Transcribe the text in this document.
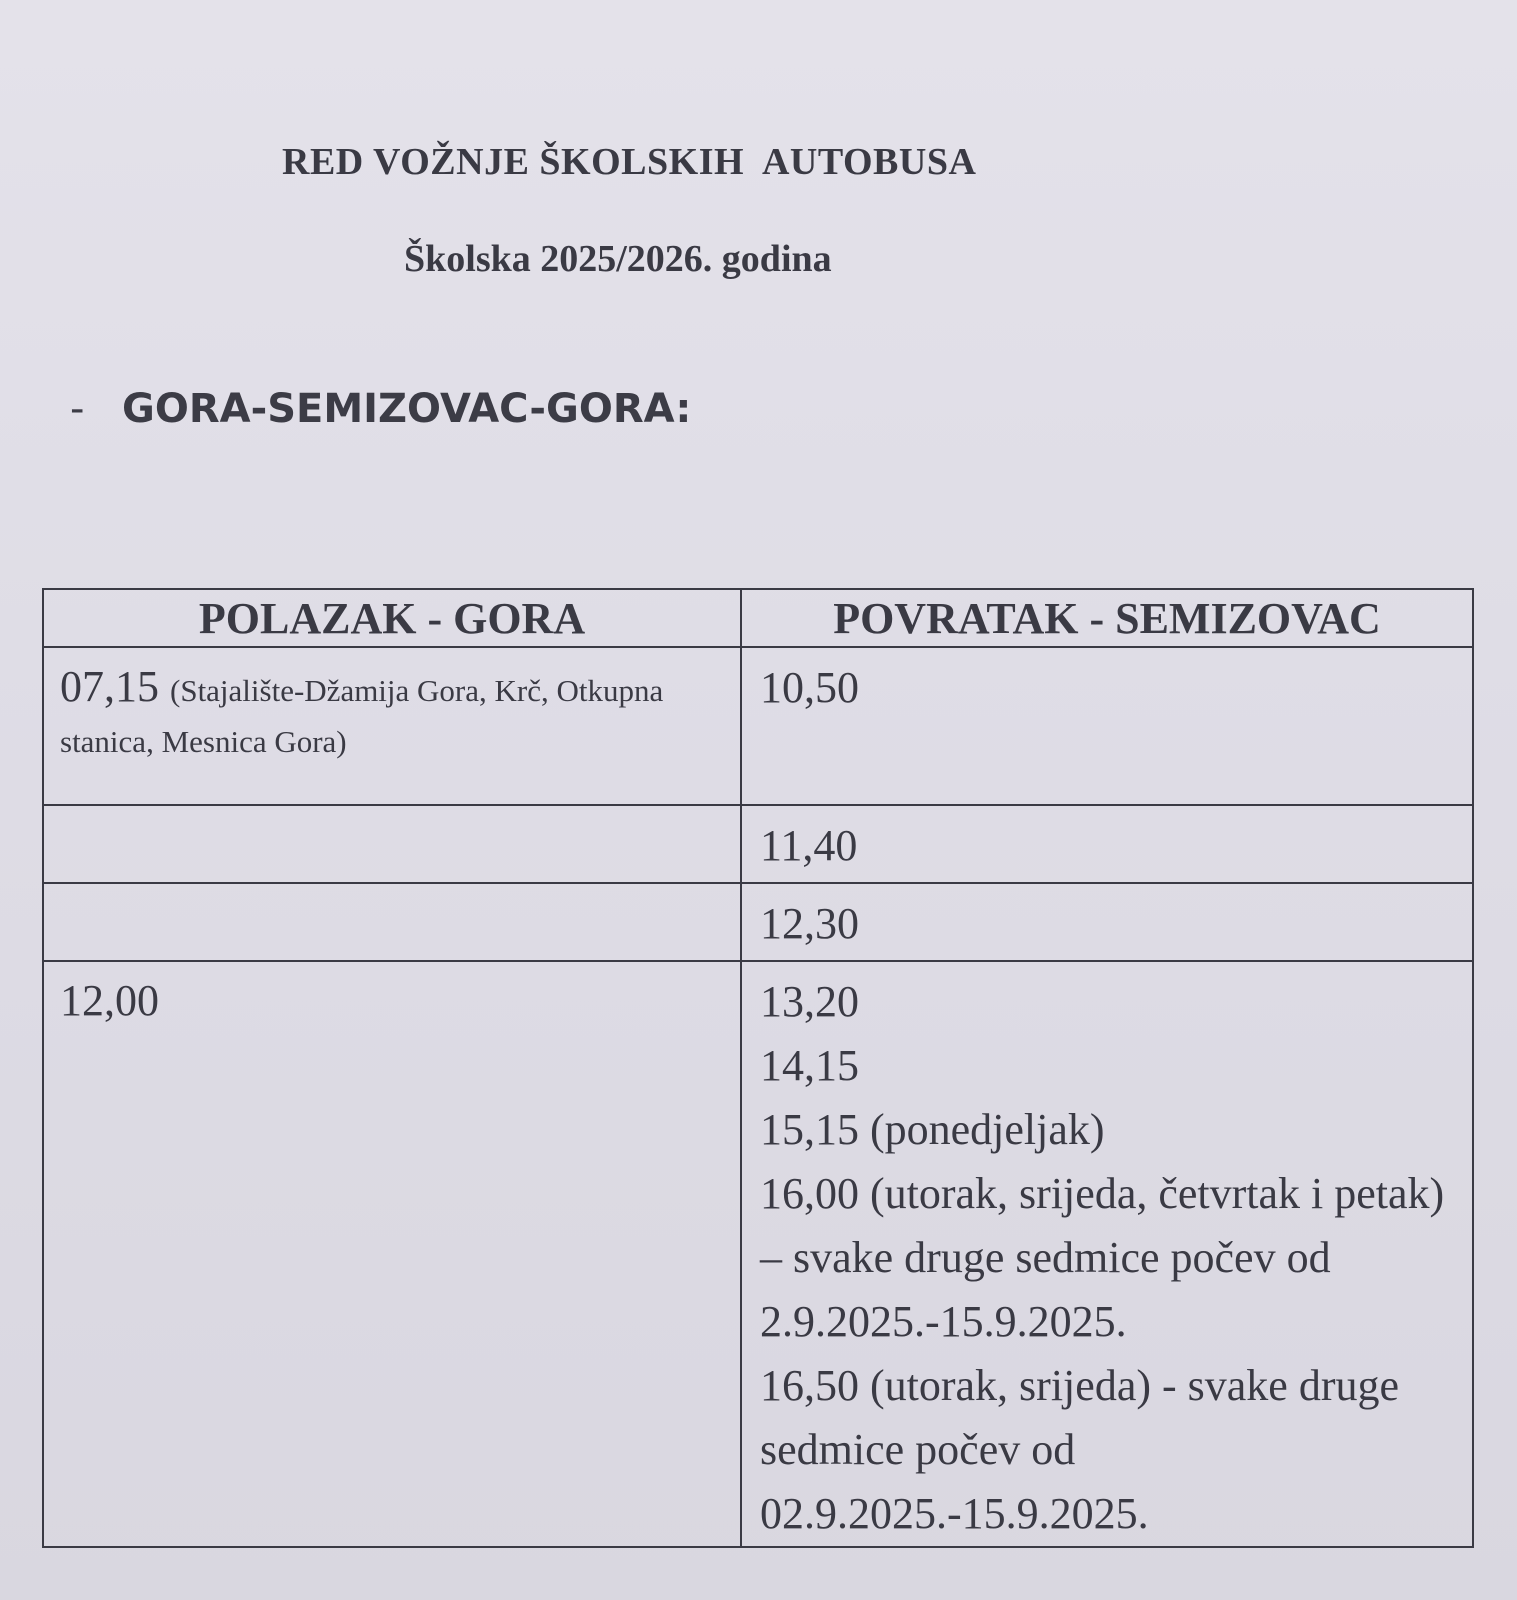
RED VOŽNJE ŠKOLSKIH  AUTOBUSA
Školska 2025/2026. godina
- GORA-SEMIZOVAC-GORA:
POLAZAK - GORA	POVRATAK - SEMIZOVAC
07,15 (Stajalište-Džamija Gora, Krč, Otkupna stanica, Mesnica Gora)	10,50

	11,40

	12,30

12,00	13,20
14,15
15,15 (ponedjeljak)
16,00 (utorak, srijeda, četvrtak i petak) – svake druge sedmice počev od 2.9.2025.-15.9.2025.
16,50 (utorak, srijeda) - svake druge sedmice počev od 02.9.2025.-15.9.2025.
